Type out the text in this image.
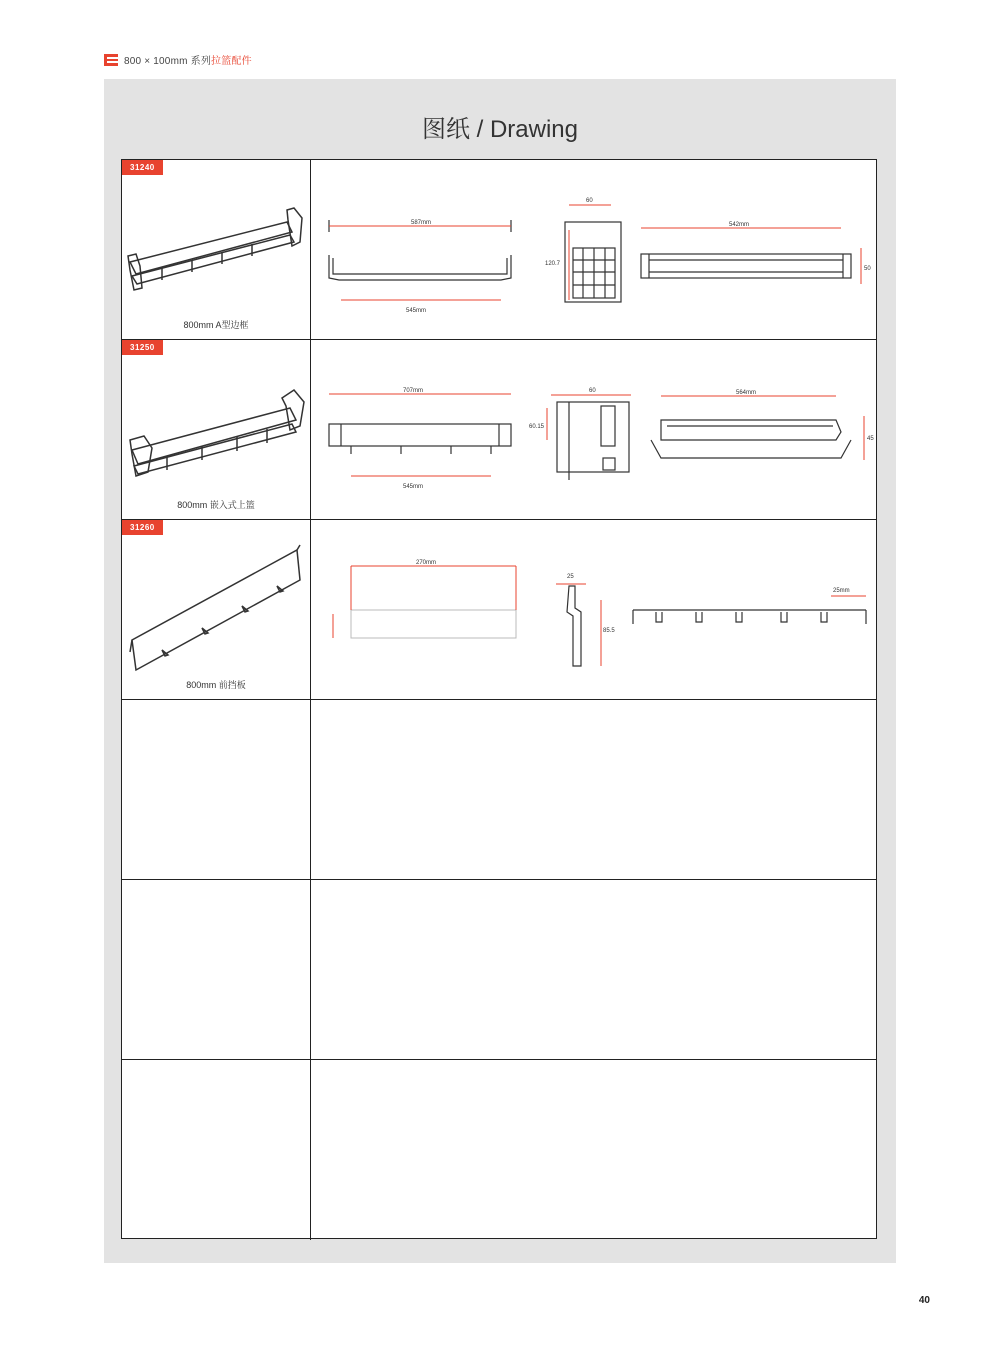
800 × 100mm 系列拉篮配件
图纸 / Drawing
31240
800mm A型边框
587mm
545mm
60
120.7
542mm
50
31250
800mm 嵌入式上篮
707mm
545mm
60
60.15
564mm
45
31260
800mm 前挡板
270mm
25
85.5
25mm
40
